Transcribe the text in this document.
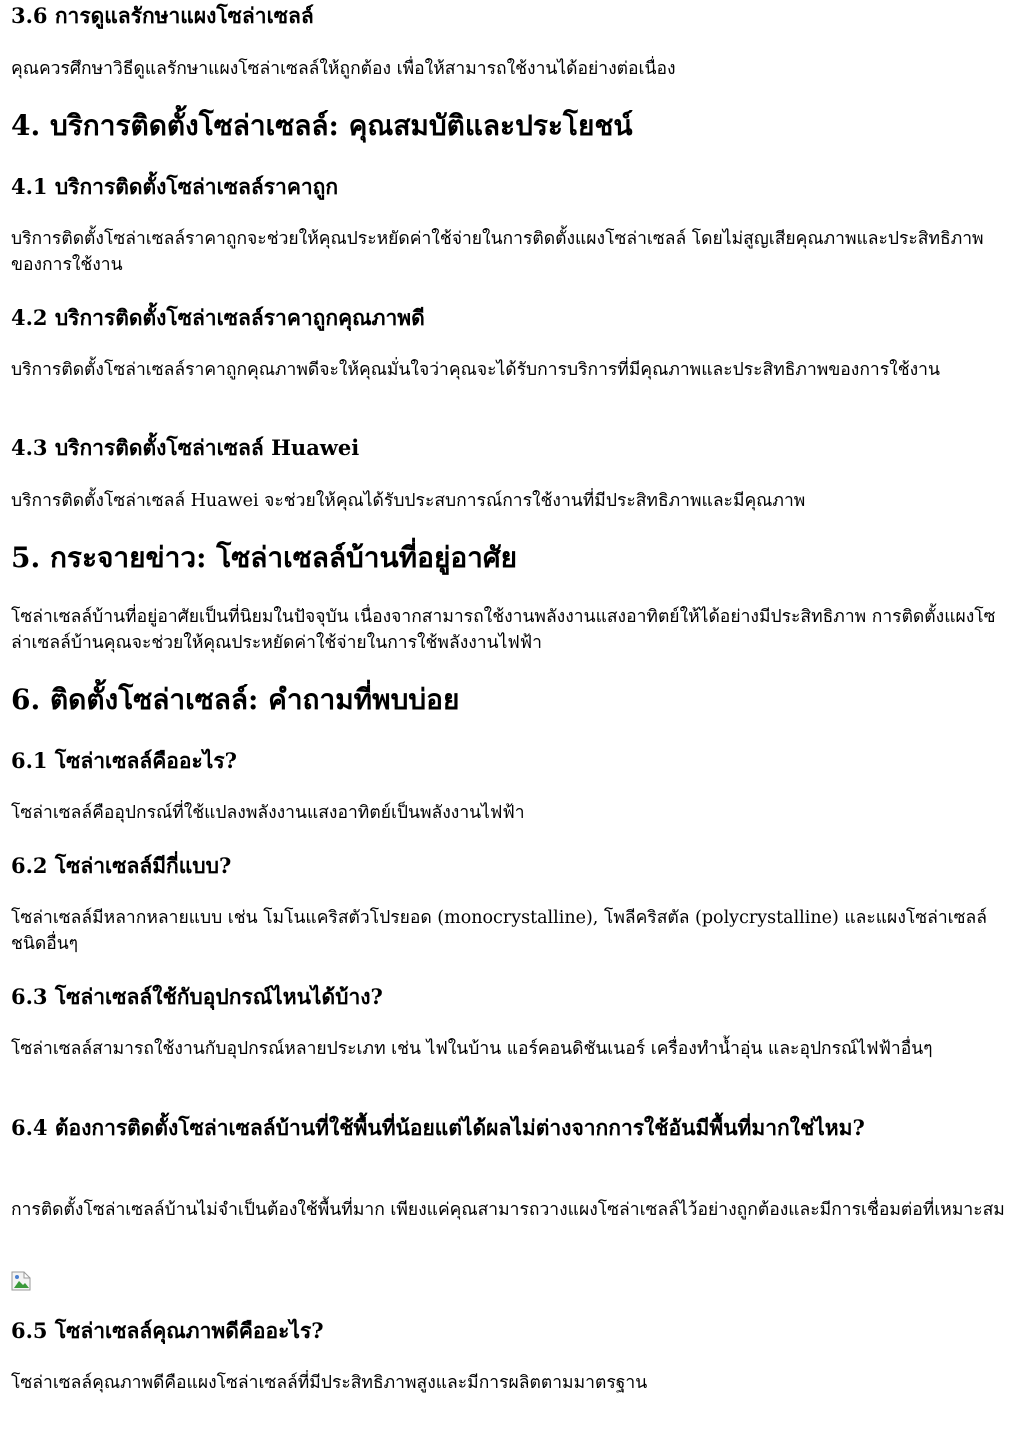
3.6 การดูแลรักษาแผงโซล่าเซลล์

คุณควรศึกษาวิธีดูแลรักษาแผงโซล่าเซลล์ให้ถูกต้อง เพื่อให้สามารถใช้งานได้อย่างต่อเนื่อง

4. บริการติดตั้งโซล่าเซลล์: คุณสมบัติและประโยชน์
4.1 บริการติดตั้งโซล่าเซลล์ราคาถูก

บริการติดตั้งโซล่าเซลล์ราคาถูกจะช่วยให้คุณประหยัดค่าใช้จ่ายในการติดตั้งแผงโซล่าเซลล์ โดยไม่สูญเสียคุณภาพและประสิทธิภาพของการใช้งาน

4.2 บริการติดตั้งโซล่าเซลล์ราคาถูกคุณภาพดี

บริการติดตั้งโซล่าเซลล์ราคาถูกคุณภาพดีจะให้คุณมั่นใจว่าคุณจะได้รับการบริการที่มีคุณภาพและประสิทธิภาพของการใช้งาน

4.3 บริการติดตั้งโซล่าเซลล์ Huawei

บริการติดตั้งโซล่าเซลล์ Huawei จะช่วยให้คุณได้รับประสบการณ์การใช้งานที่มีประสิทธิภาพและมีคุณภาพ

5. กระจายข่าว: โซล่าเซลล์บ้านที่อยู่อาศัย

โซล่าเซลล์บ้านที่อยู่อาศัยเป็นที่นิยมในปัจจุบัน เนื่องจากสามารถใช้งานพลังงานแสงอาทิตย์ให้ได้อย่างมีประสิทธิภาพ การติดตั้งแผงโซล่าเซลล์บ้านคุณจะช่วยให้คุณประหยัดค่าใช้จ่ายในการใช้พลังงานไฟฟ้า

6. ติดตั้งโซล่าเซลล์: คำถามที่พบบ่อย
6.1 โซล่าเซลล์คืออะไร?

โซล่าเซลล์คืออุปกรณ์ที่ใช้แปลงพลังงานแสงอาทิตย์เป็นพลังงานไฟฟ้า

6.2 โซล่าเซลล์มีกี่แบบ?

โซล่าเซลล์มีหลากหลายแบบ เช่น โมโนแคริสตัวโปรยอด (monocrystalline), โพลีคริสตัล (polycrystalline) และแผงโซล่าเซลล์ชนิดอื่นๆ

6.3 โซล่าเซลล์ใช้กับอุปกรณ์ไหนได้บ้าง?

โซล่าเซลล์สามารถใช้งานกับอุปกรณ์หลายประเภท เช่น ไฟในบ้าน แอร์คอนดิชันเนอร์ เครื่องทำน้ำอุ่น และอุปกรณ์ไฟฟ้าอื่นๆ

6.4 ต้องการติดตั้งโซล่าเซลล์บ้านที่ใช้พื้นที่น้อยแต่ได้ผลไม่ต่างจากการใช้อันมีพื้นที่มากใช่ไหม?

การติดตั้งโซล่าเซลล์บ้านไม่จำเป็นต้องใช้พื้นที่มาก เพียงแค่คุณสามารถวางแผงโซล่าเซลล์ไว้อย่างถูกต้องและมีการเชื่อมต่อที่เหมาะสม

6.5 โซล่าเซลล์คุณภาพดีคืออะไร?

โซล่าเซลล์คุณภาพดีคือแผงโซล่าเซลล์ที่มีประสิทธิภาพสูงและมีการผลิตตามมาตรฐาน
